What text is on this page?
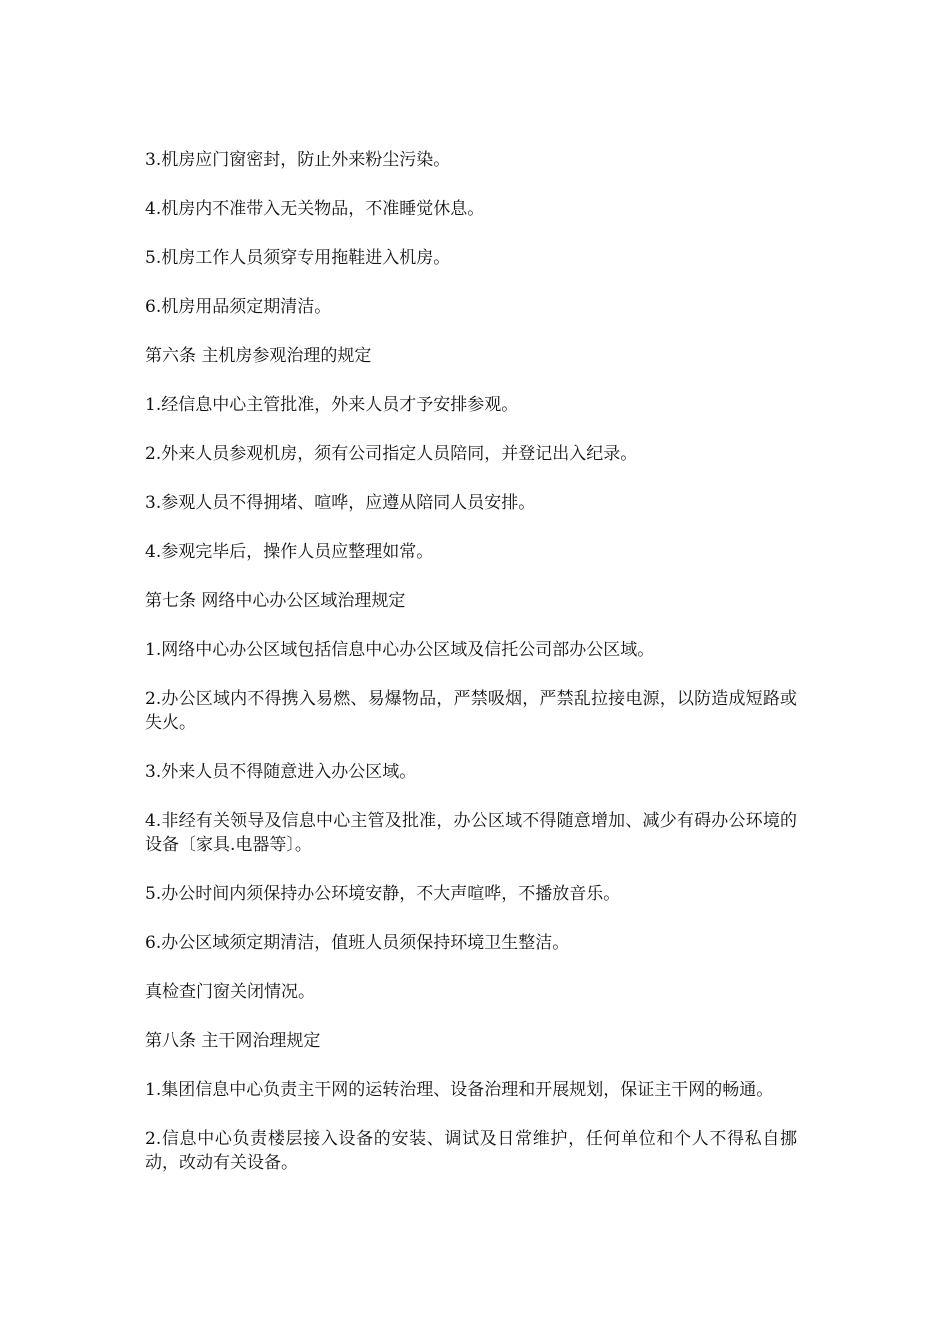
3.机房应门窗密封，防止外来粉尘污染。

4.机房内不准带入无关物品，不准睡觉休息。

5.机房工作人员须穿专用拖鞋进入机房。

6.机房用品须定期清洁。

第六条 主机房参观治理的规定

1.经信息中心主管批准，外来人员才予安排参观。

2.外来人员参观机房，须有公司指定人员陪同，并登记出入纪录。

3.参观人员不得拥堵、喧哗，应遵从陪同人员安排。

4.参观完毕后，操作人员应整理如常。

第七条 网络中心办公区域治理规定

1.网络中心办公区域包括信息中心办公区域及信托公司部办公区域。

2.办公区域内不得携入易燃、易爆物品，严禁吸烟，严禁乱拉接电源，以防造成短路或失火。

3.外来人员不得随意进入办公区域。

4.非经有关领导及信息中心主管及批准，办公区域不得随意增加、减少有碍办公环境的设备〔家具.电器等〕。

5.办公时间内须保持办公环境安静，不大声喧哗，不播放音乐。

6.办公区域须定期清洁，值班人员须保持环境卫生整洁。

真检查门窗关闭情况。

第八条 主干网治理规定

1.集团信息中心负责主干网的运转治理、设备治理和开展规划，保证主干网的畅通。

2.信息中心负责楼层接入设备的安装、调试及日常维护，任何单位和个人不得私自挪动，改动有关设备。
